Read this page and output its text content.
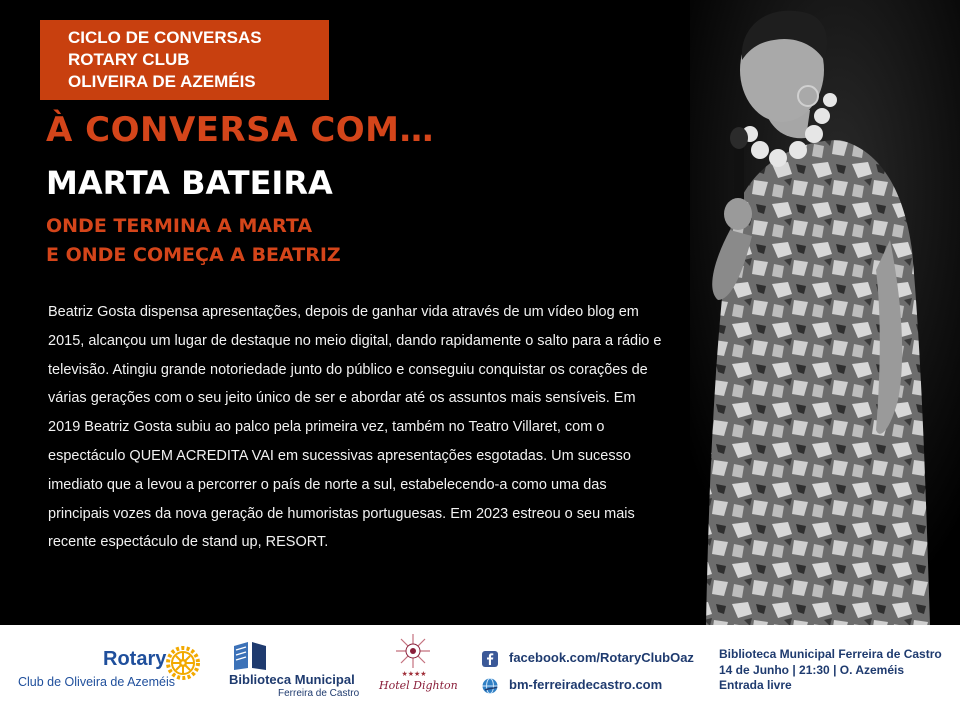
CICLO DE CONVERSAS
ROTARY CLUB
OLIVEIRA DE AZEMÉIS
À CONVERSA COM…
MARTA BATEIRA
ONDE TERMINA A MARTA
E ONDE COMEÇA A BEATRIZ

Beatriz Gosta dispensa apresentações, depois de ganhar vida através de um vídeo blog em 2015, alcançou um lugar de destaque no meio digital, dando rapidamente o salto para a rádio e televisão. Atingiu grande notoriedade junto do público e conseguiu conquistar os corações de várias gerações com o seu jeito único de ser e abordar até os assuntos mais sensíveis. Em 2019 Beatriz Gosta subiu ao palco pela primeira vez, também no Teatro Villaret, com o espectáculo QUEM ACREDITA VAI em sucessivas apresentações esgotadas. Um sucesso imediato que a levou a percorrer o país de norte a sul, estabelecendo-a como uma das principais vozes da nova geração de humoristas portuguesas. Em 2023 estreou o seu mais recente espectáculo de stand up, RESORT.

Rotary
Club de Oliveira de Azeméis	Biblioteca Municipal
Ferreira de Castro
★★★★
Hotel Dighton
facebook.com/RotaryClubOaz
bm-ferreiradecastro.com
Biblioteca Municipal Ferreira de Castro
14 de Junho | 21:30 | O. Azeméis
Entrada livre
